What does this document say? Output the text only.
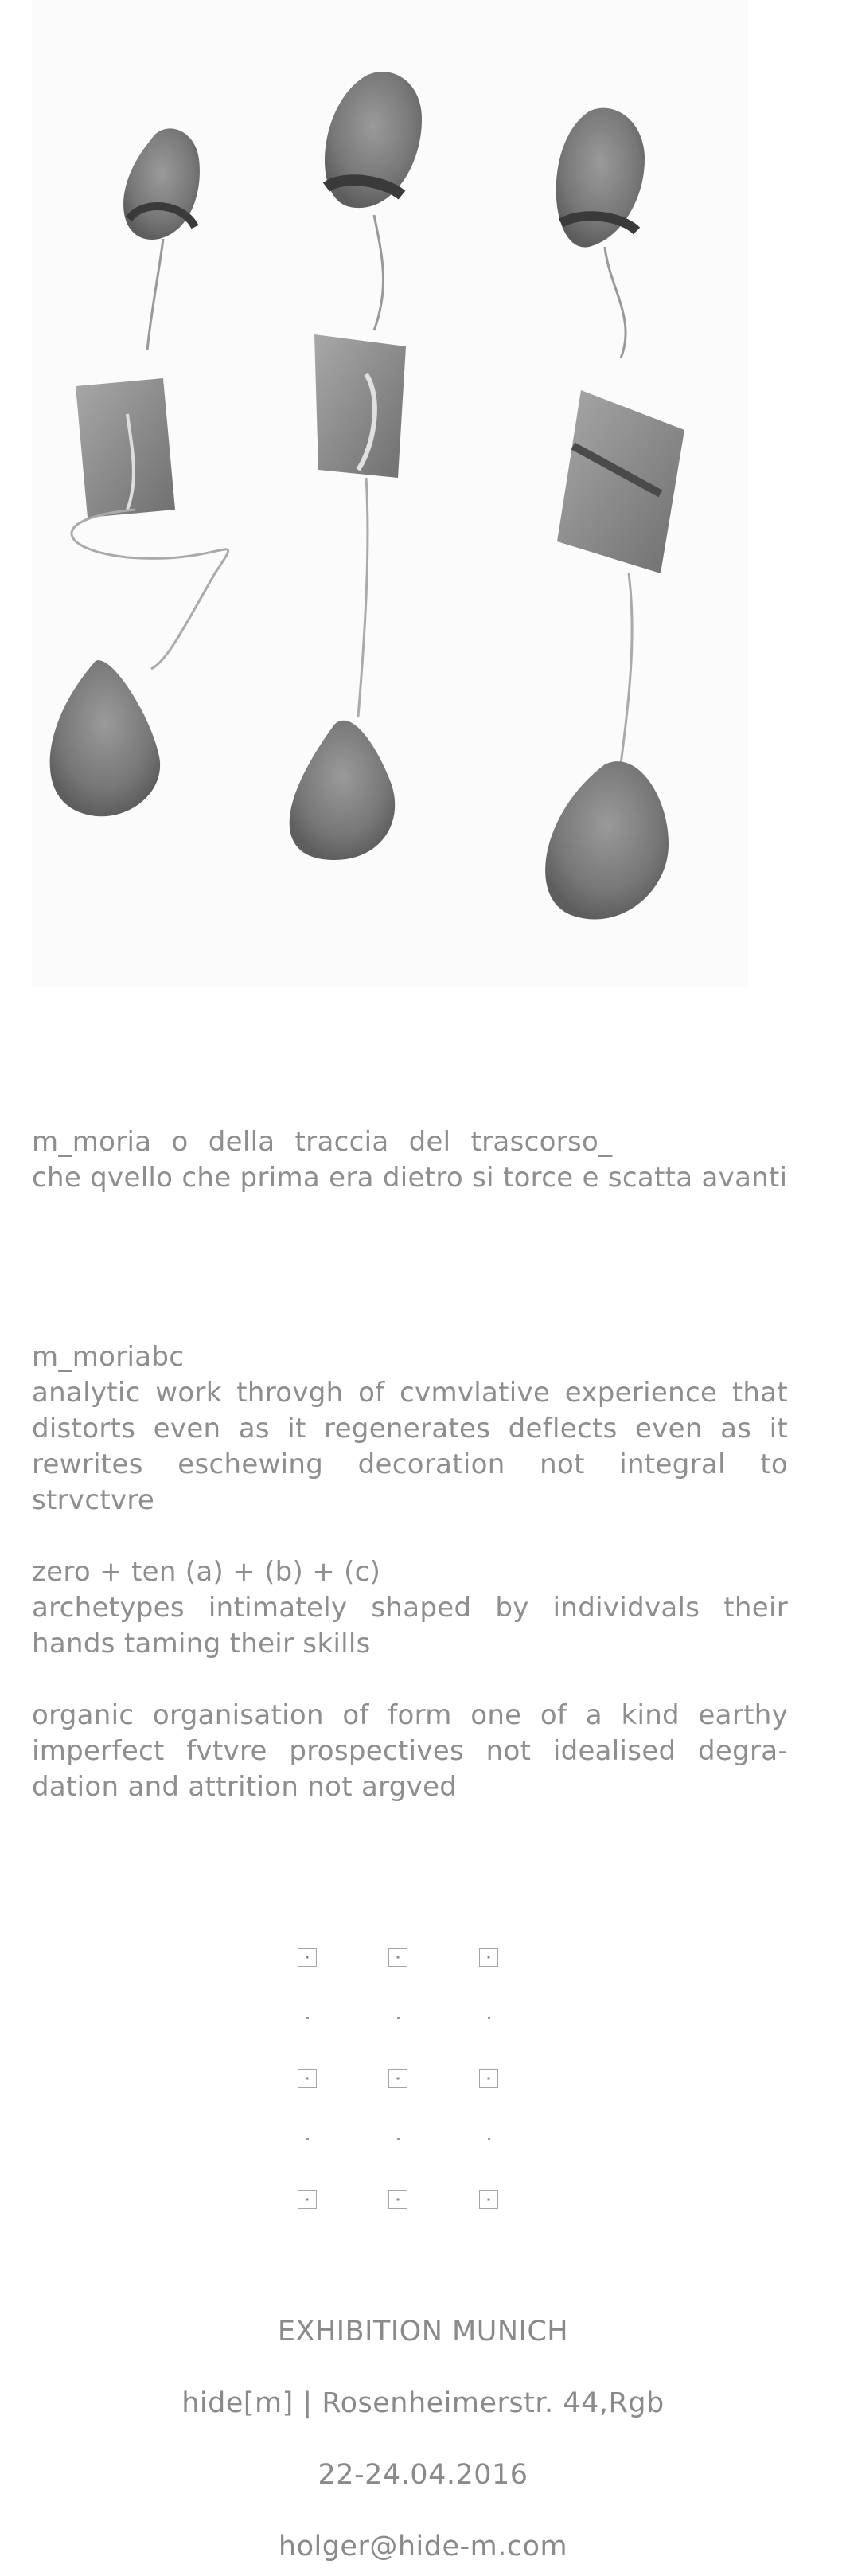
m_moria o della traccia del trascorso_

che qvello che prima era dietro si torce e scatta avanti

m_moriabc

analytic work throvgh of cvmvlative experience that distorts even as it regenerates deflects even as it rewrites eschewing decoration not integral to strvctvre

zero + ten (a) + (b) + (c)

archetypes intimately shaped by individvals their hands taming their skills

organic organisation of form one of a kind earthy imperfect fvtvre prospectives not idealised degra-dation and attrition not argved

EXHIBITION MUNICH
hide[m] | Rosenheimerstr. 44,Rgb
22-24.04.2016
holger@hide-m.com
